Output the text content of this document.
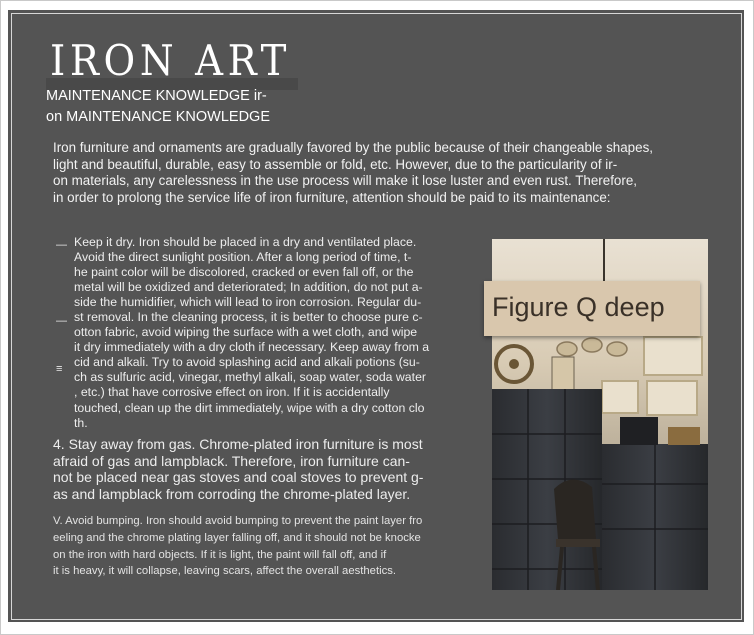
IRON ART
MAINTENANCE KNOWLEDGE ir-
on MAINTENANCE KNOWLEDGE
Iron furniture and ornaments are gradually favored by the public because of their changeable shapes,
light and beautiful, durable, easy to assemble or fold, etc. However, due to the particularity of ir-
on materials, any carelessness in the use process will make it lose luster and even rust. Therefore,
in order to prolong the service life of iron furniture, attention should be paid to its maintenance:
—
—
≡
Keep it dry. Iron should be placed in a dry and ventilated place.
Avoid the direct sunlight position. After a long period of time, t-
he paint color will be discolored, cracked or even fall off, or the
metal will be oxidized and deteriorated; In addition, do not put a-
side the humidifier, which will lead to iron corrosion. Regular du-
st removal. In the cleaning process, it is better to choose pure c-
otton fabric, avoid wiping the surface with a wet cloth, and wipe
it dry immediately with a dry cloth if necessary. Keep away from a
cid and alkali. Try to avoid splashing acid and alkali potions (su-
ch as sulfuric acid, vinegar, methyl alkali, soap water, soda water
, etc.) that have corrosive effect on iron. If it is accidentally
touched, clean up the dirt immediately, wipe with a dry cotton clo
th.
4. Stay away from gas. Chrome-plated iron furniture is most
afraid of gas and lampblack. Therefore, iron furniture can-
not be placed near gas stoves and coal stoves to prevent g-
as and lampblack from corroding the chrome-plated layer.
V. Avoid bumping. Iron should avoid bumping to prevent the paint layer fro
eeling and the chrome plating layer falling off, and it should not be knocke
on the iron with hard objects. If it is light, the paint will fall off, and if
it is heavy, it will collapse, leaving scars, affect the overall aesthetics.
Figure Q deep
